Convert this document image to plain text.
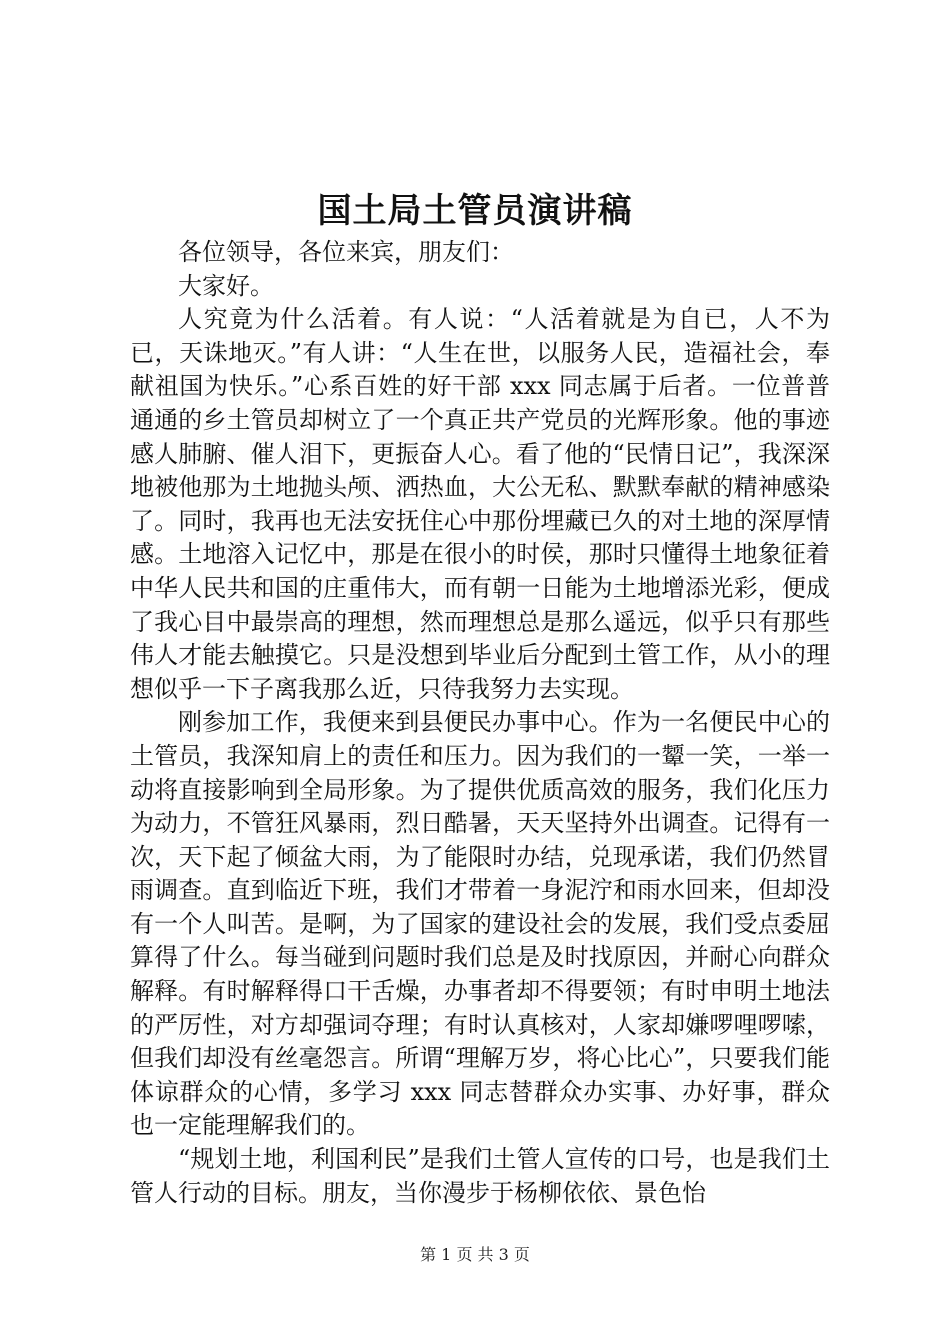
国土局土管员演讲稿

各位领导，各位来宾，朋友们：

大家好。

人究竟为什么活着。有人说：“人活着就是为自已，人不为已，天诛地灭。”有人讲：“人生在世，以服务人民，造福社会，奉献祖国为快乐。”心系百姓的好干部 xxx 同志属于后者。一位普普通通的乡土管员却树立了一个真正共产党员的光辉形象。他的事迹感人肺腑、催人泪下，更振奋人心。看了他的“民情日记”，我深深地被他那为土地抛头颅、洒热血，大公无私、默默奉献的精神感染了。同时，我再也无法安抚住心中那份埋藏已久的对土地的深厚情感。土地溶入记忆中，那是在很小的时侯，那时只懂得土地象征着中华人民共和国的庄重伟大，而有朝一日能为土地增添光彩，便成了我心目中最崇高的理想，然而理想总是那么遥远，似乎只有那些伟人才能去触摸它。只是没想到毕业后分配到土管工作，从小的理想似乎一下子离我那么近，只待我努力去实现。

刚参加工作，我便来到县便民办事中心。作为一名便民中心的土管员，我深知肩上的责任和压力。因为我们的一颦一笑，一举一动将直接影响到全局形象。为了提供优质高效的服务，我们化压力为动力，不管狂风暴雨，烈日酷暑，天天坚持外出调查。记得有一次，天下起了倾盆大雨，为了能限时办结，兑现承诺，我们仍然冒雨调查。直到临近下班，我们才带着一身泥泞和雨水回来，但却没有一个人叫苦。是啊，为了国家的建设社会的发展，我们受点委屈算得了什么。每当碰到问题时我们总是及时找原因，并耐心向群众解释。有时解释得口干舌燥，办事者却不得要领；有时申明土地法的严厉性，对方却强词夺理；有时认真核对，人家却嫌啰哩啰嗦，但我们却没有丝毫怨言。所谓“理解万岁，将心比心”，只要我们能体谅群众的心情，多学习 xxx 同志替群众办实事、办好事，群众也一定能理解我们的。

“规划土地，利国利民”是我们土管人宣传的口号，也是我们土管人行动的目标。朋友，当你漫步于杨柳依依、景色怡

第 1 页 共 3 页
